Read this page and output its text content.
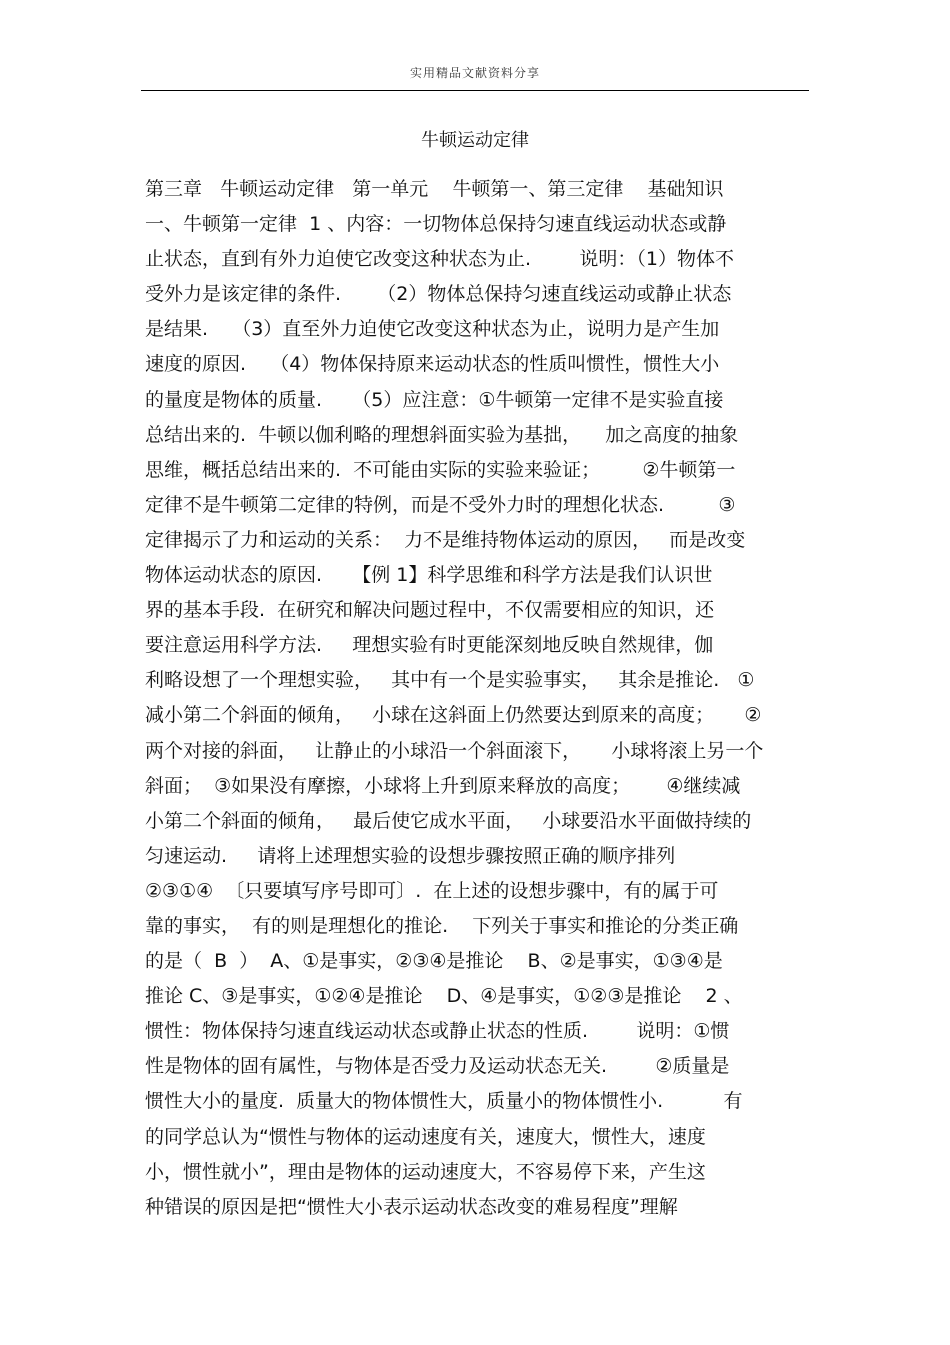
实用精品文献资料分享
牛顿运动定律
第三章   牛顿运动定律   第一单元    牛顿第一、第三定律    基础知识
一、牛顿第一定律  1 、内容：一切物体总保持匀速直线运动状态或静
止状态，直到有外力迫使它改变这种状态为止.        说明：（1）物体不
受外力是该定律的条件.      （2）物体总保持匀速直线运动或静止状态
是结果.    （3）直至外力迫使它改变这种状态为止，说明力是产生加
速度的原因.    （4）物体保持原来运动状态的性质叫惯性，惯性大小
的量度是物体的质量.     （5）应注意：①牛顿第一定律不是实验直接
总结出来的.  牛顿以伽利略的理想斜面实验为基拙，    加之高度的抽象
思维，概括总结出来的.  不可能由实际的实验来验证；       ②牛顿第一
定律不是牛顿第二定律的特例，而是不受外力时的理想化状态.         ③
定律揭示了力和运动的关系：  力不是维持物体运动的原因，   而是改变
物体运动状态的原因.     【例 1】科学思维和科学方法是我们认识世
界的基本手段.  在研究和解决问题过程中，不仅需要相应的知识，还
要注意运用科学方法.     理想实验有时更能深刻地反映自然规律，伽
利略设想了一个理想实验，   其中有一个是实验事实，   其余是推论.   ①
减小第二个斜面的倾角，   小球在这斜面上仍然要达到原来的高度；     ②
两个对接的斜面，   让静止的小球沿一个斜面滚下，     小球将滚上另一个
斜面；  ③如果没有摩擦，小球将上升到原来释放的高度；      ④继续减
小第二个斜面的倾角，   最后使它成水平面，   小球要沿水平面做持续的
匀速运动.     请将上述理想实验的设想步骤按照正确的顺序排列
②③①④  〔只要填写序号即可〕.  在上述的设想步骤中，有的属于可
靠的事实，  有的则是理想化的推论.    下列关于事实和推论的分类正确
的是（  B  ）  A、①是事实，②③④是推论    B、②是事实，①③④是
推论 C、③是事实，①②④是推论    D、④是事实，①②③是推论    2 、
惯性：物体保持匀速直线运动状态或静止状态的性质.        说明：①惯
性是物体的固有属性，与物体是否受力及运动状态无关.        ②质量是
惯性大小的量度.  质量大的物体惯性大，质量小的物体惯性小.          有
的同学总认为“惯性与物体的运动速度有关，速度大，惯性大，速度
小，惯性就小”，理由是物体的运动速度大，不容易停下来，产生这
种错误的原因是把“惯性大小表示运动状态改变的难易程度”理解
